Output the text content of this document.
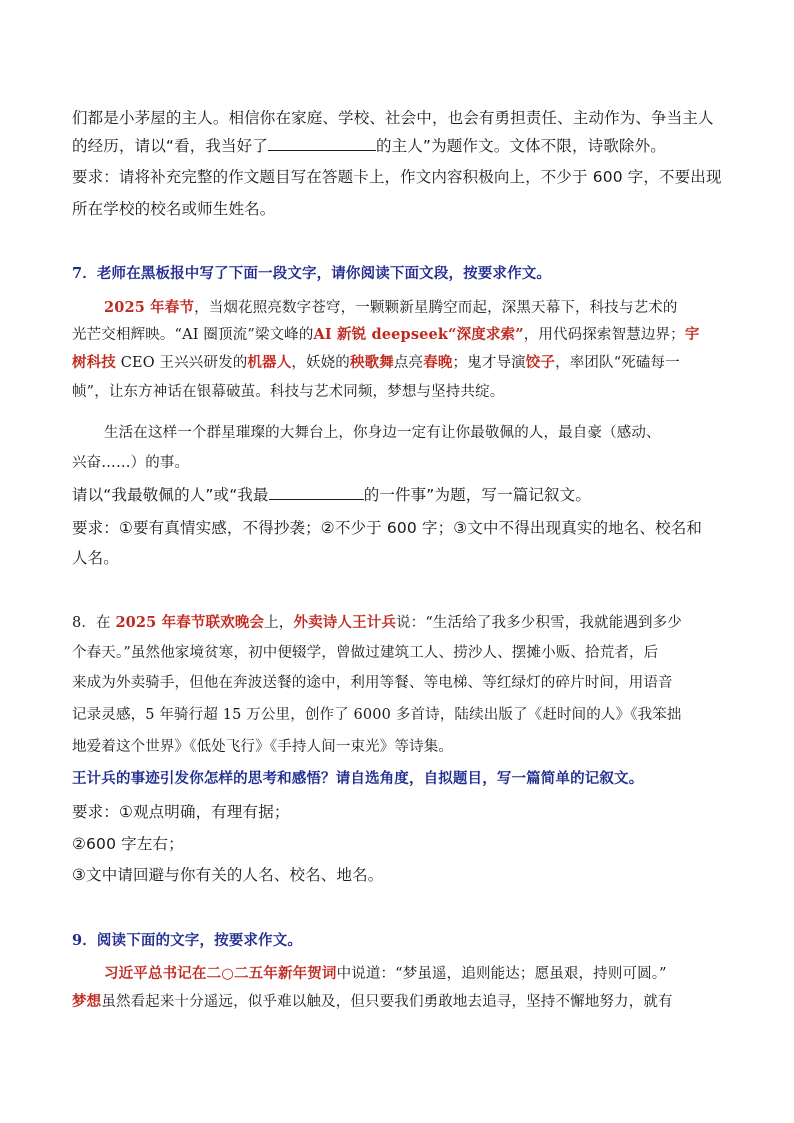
们都是小茅屋的主人。相信你在家庭、学校、社会中，也会有勇担责任、主动作为、争当主人
的经历，请以“看，我当好了	的主人”为题作文。文体不限，诗歌除外。
要求：请将补充完整的作文题目写在答题卡上，作文内容积极向上，不少于 600 字，不要出现
所在学校的校名或师生姓名。
7．老师在黑板报中写了下面一段文字，请你阅读下面文段，按要求作文。
2025 年春节，当烟花照亮数字苍穹，一颗颗新星腾空而起，深黑天幕下，科技与艺术的
光芒交相辉映。“AI 圈顶流”梁文峰的AI 新锐 deepseek“深度求索”，用代码探索智慧边界；宇
树科技 CEO 王兴兴研发的机器人，妖娆的秧歌舞点亮春晚；鬼才导演饺子，率团队“死磕每一
帧”，让东方神话在银幕破茧。科技与艺术同频，梦想与坚持共绽。
生活在这样一个群星璀璨的大舞台上，你身边一定有让你最敬佩的人，最自豪（感动、
兴奋……）的事。
请以“我最敬佩的人”或“我最	的一件事”为题，写一篇记叙文。
要求：①要有真情实感，不得抄袭；②不少于 600 字；③文中不得出现真实的地名、校名和
人名。
8．在 2025 年春节联欢晚会上，外卖诗人王计兵说：“生活给了我多少积雪，我就能遇到多少
个春天。”虽然他家境贫寒，初中便辍学，曾做过建筑工人、捞沙人、摆摊小贩、拾荒者，后
来成为外卖骑手，但他在奔波送餐的途中，利用等餐、等电梯、等红绿灯的碎片时间，用语音
记录灵感，5 年骑行超 15 万公里，创作了 6000 多首诗，陆续出版了《赶时间的人》《我笨拙
地爱着这个世界》《低处飞行》《手持人间一束光》等诗集。
王计兵的事迹引发你怎样的思考和感悟？请自选角度，自拟题目，写一篇简单的记叙文。
要求：①观点明确，有理有据；
②600 字左右；
③文中请回避与你有关的人名、校名、地名。
9．阅读下面的文字，按要求作文。
习近平总书记在二○二五年新年贺词中说道：“梦虽遥，追则能达；愿虽艰，持则可圆。”
梦想虽然看起来十分遥远，似乎难以触及，但只要我们勇敢地去追寻，坚持不懈地努力，就有
